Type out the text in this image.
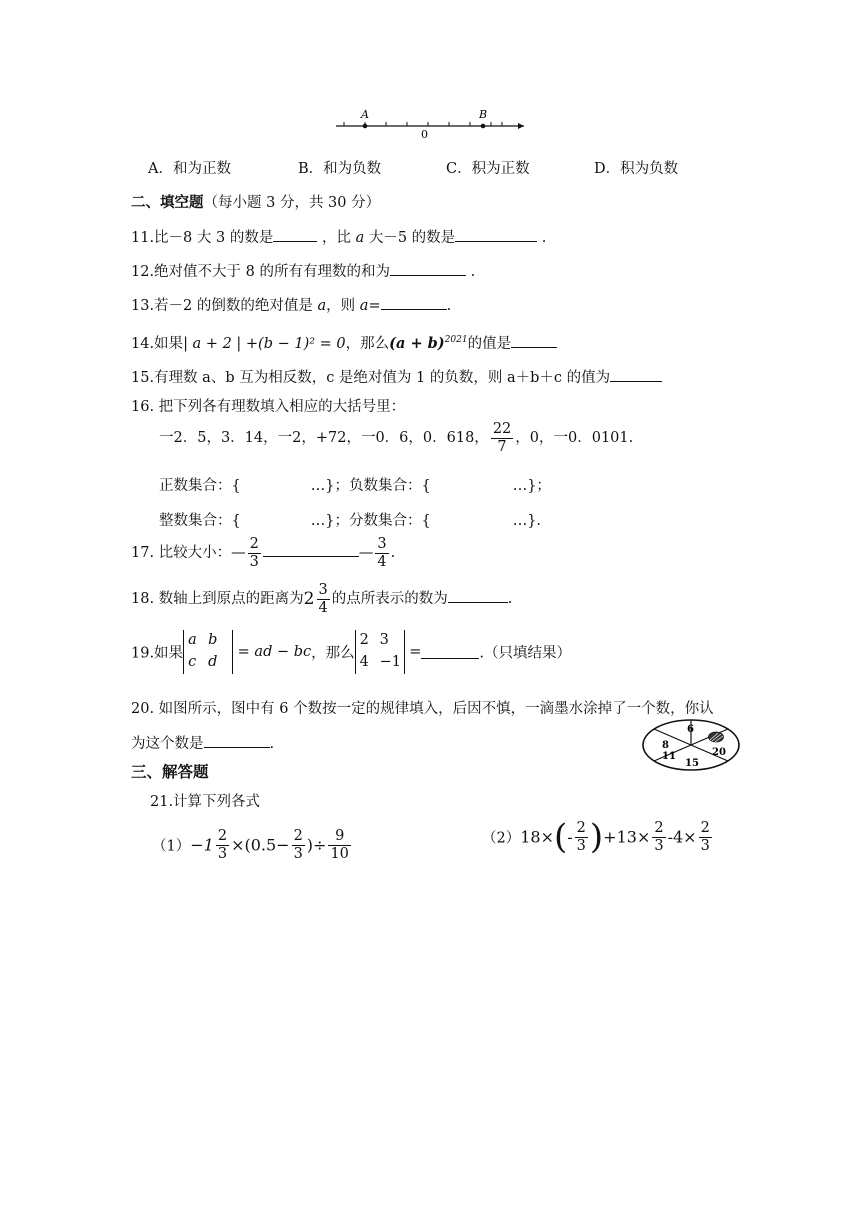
A	B
0
A．和为正数	B．和为负数	C．积为正数	D．积为负数
二、填空题（每小题 3 分，共 30 分）
11.比－8 大 3 的数是	，比 a 大－5 的数是	.
12.绝对值不大于 8 的所有有理数的和为	.
13.若－2 的倒数的绝对值是 a，则 a=	.
14.如果| a + 2 | +(b − 1)² = 0，那么$(a + b)^{2021}$的值是
15.有理数 a、b 互为相反数，c 是绝对值为 1 的负数，则 a＋b＋c 的值为
16. 把下列各有理数填入相应的大括号里：
一2．5，3．14，一2，+72，一0．6，0．618， $\frac{22}{7}$ ，0，一0．0101.
正数集合：{	…}；负数集合：{	…}；
整数集合：{	…}；分数集合：{	…}.
17. 比较大小：— $\frac{2}{3}$	— $\frac{3}{4}$ .
18. 数轴上到原点的距离为$2 \frac{3}{4}$ 的点所表示的数为	.
19.如果a b
c d = ad − bc，那么2 3
4 −1 =	.（只填结果）
20. 如图所示，图中有 6 个数按一定的规律填入，后因不慎，一滴墨水涂掉了一个数，你认
为这个数是	.
6
8
20
11
15
三、解答题
21.计算下列各式
$(1)-1 \frac{2}{3} \times(0.5- \frac{2}{3}$ )÷ $\frac{9}{10}$	$(2)18\times(- \frac{2}{3} )+13\times \frac{2}{3} -4\times \frac{2}{3}$
